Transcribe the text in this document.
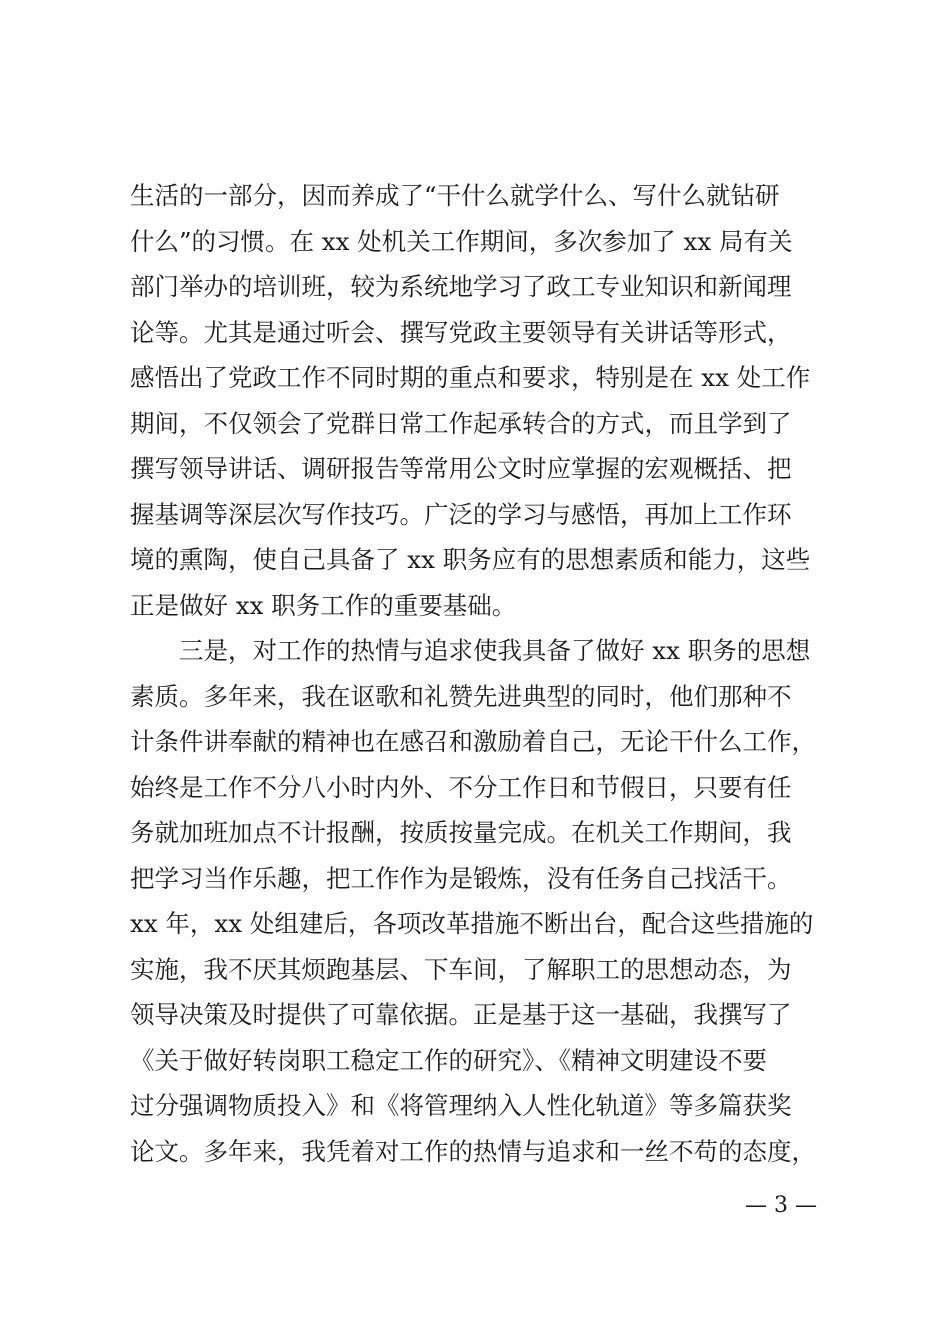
生活的一部分，因而养成了“干什么就学什么、写什么就钻研
什么”的习惯。在 xx 处机关工作期间，多次参加了 xx 局有关
部门举办的培训班，较为系统地学习了政工专业知识和新闻理
论等。尤其是通过听会、撰写党政主要领导有关讲话等形式，
感悟出了党政工作不同时期的重点和要求，特别是在 xx 处工作
期间，不仅领会了党群日常工作起承转合的方式，而且学到了
撰写领导讲话、调研报告等常用公文时应掌握的宏观概括、把
握基调等深层次写作技巧。广泛的学习与感悟，再加上工作环
境的熏陶，使自己具备了 xx 职务应有的思想素质和能力，这些
正是做好 xx 职务工作的重要基础。
三是，对工作的热情与追求使我具备了做好 xx 职务的思想
素质。多年来，我在讴歌和礼赞先进典型的同时，他们那种不
计条件讲奉献的精神也在感召和激励着自己，无论干什么工作，
始终是工作不分八小时内外、不分工作日和节假日，只要有任
务就加班加点不计报酬，按质按量完成。在机关工作期间，我
把学习当作乐趣，把工作作为是锻炼，没有任务自己找活干。
xx 年，xx 处组建后，各项改革措施不断出台，配合这些措施的
实施，我不厌其烦跑基层、下车间，了解职工的思想动态，为
领导决策及时提供了可靠依据。正是基于这一基础，我撰写了
《关于做好转岗职工稳定工作的研究》、《精神文明建设不要
过分强调物质投入》和《将管理纳入人性化轨道》等多篇获奖
论文。多年来，我凭着对工作的热情与追求和一丝不苟的态度，
— 3 —
